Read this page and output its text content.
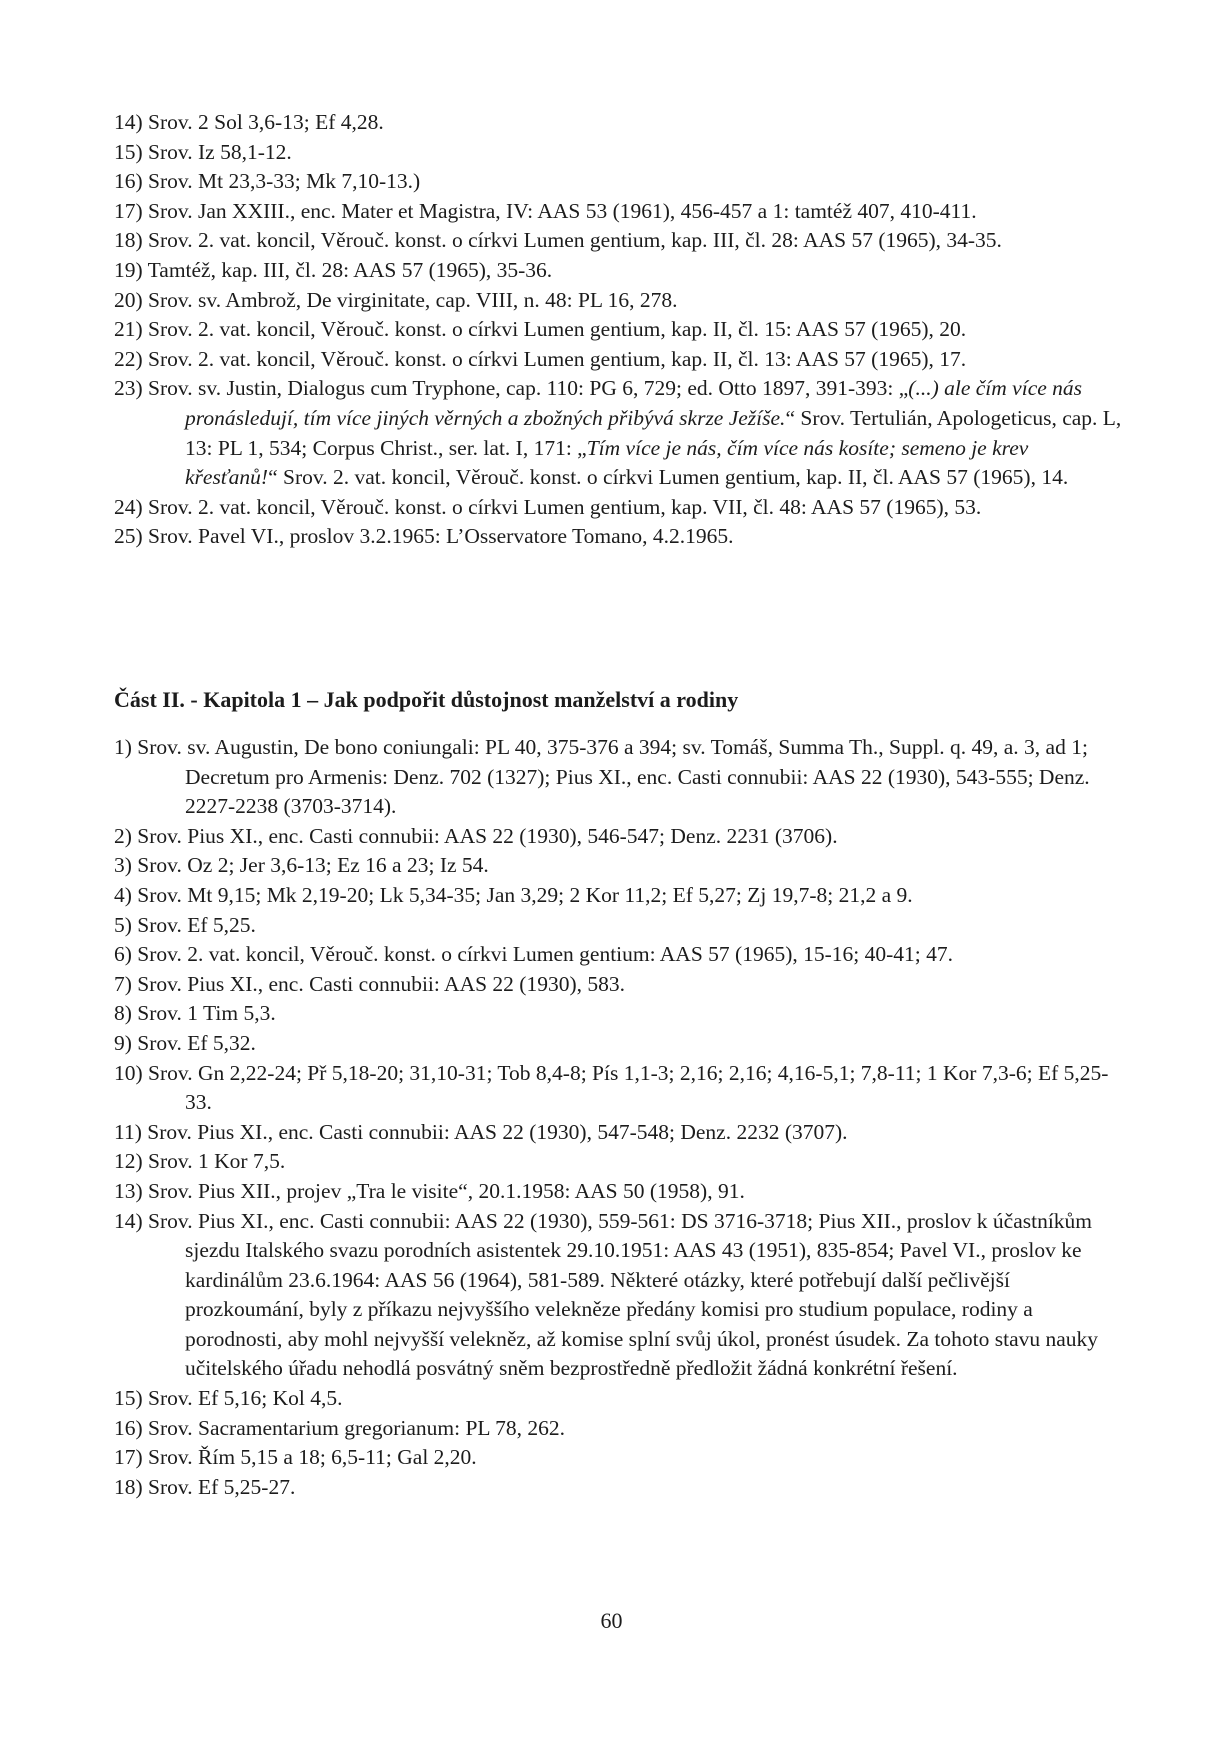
14) Srov. 2 Sol 3,6-13; Ef 4,28.
15) Srov. Iz 58,1-12.
16) Srov. Mt 23,3-33; Mk 7,10-13.)
17) Srov. Jan XXIII., enc. Mater et Magistra, IV: AAS 53 (1961), 456-457 a 1: tamtéž 407, 410-411.
18) Srov. 2. vat. koncil, Věrouč. konst. o církvi Lumen gentium, kap. III, čl. 28: AAS 57 (1965), 34-35.
19) Tamtéž, kap. III, čl. 28: AAS 57 (1965), 35-36.
20) Srov. sv. Ambrož, De virginitate, cap. VIII, n. 48: PL 16, 278.
21) Srov. 2. vat. koncil, Věrouč. konst. o církvi Lumen gentium, kap. II, čl. 15: AAS 57 (1965), 20.
22) Srov. 2. vat. koncil, Věrouč. konst. o církvi Lumen gentium, kap. II, čl. 13: AAS 57 (1965), 17.
23) Srov. sv. Justin, Dialogus cum Tryphone, cap. 110: PG 6, 729; ed. Otto 1897, 391-393: „(...) ale čím více nás pronásledují, tím více jiných věrných a zbožných přibývá skrze Ježíše.“ Srov. Tertulián, Apologeticus, cap. L, 13: PL 1, 534; Corpus Christ., ser. lat. I, 171: „Tím více je nás, čím více nás kosíte; semeno je krev křesťanů!“ Srov. 2. vat. koncil, Věrouč. konst. o církvi Lumen gentium, kap. II, čl. AAS 57 (1965), 14.
24) Srov. 2. vat. koncil, Věrouč. konst. o církvi Lumen gentium, kap. VII, čl. 48: AAS 57 (1965), 53.
25) Srov. Pavel VI., proslov 3.2.1965: L’Osservatore Tomano, 4.2.1965.
Část II. - Kapitola 1 – Jak podpořit důstojnost manželství a rodiny
1) Srov. sv. Augustin, De bono coniungali: PL 40, 375-376 a 394; sv. Tomáš, Summa Th., Suppl. q. 49, a. 3, ad 1; Decretum pro Armenis: Denz. 702 (1327); Pius XI., enc. Casti connubii: AAS 22 (1930), 543-555; Denz. 2227-2238 (3703-3714).
2) Srov. Pius XI., enc. Casti connubii: AAS 22 (1930), 546-547; Denz. 2231 (3706).
3) Srov. Oz 2; Jer 3,6-13; Ez 16 a 23; Iz 54.
4) Srov. Mt 9,15; Mk 2,19-20; Lk 5,34-35; Jan 3,29; 2 Kor 11,2; Ef 5,27; Zj 19,7-8; 21,2 a 9.
5) Srov. Ef 5,25.
6) Srov. 2. vat. koncil, Věrouč. konst. o církvi Lumen gentium: AAS 57 (1965), 15-16; 40-41; 47.
7) Srov. Pius XI., enc. Casti connubii: AAS 22 (1930), 583.
8) Srov. 1 Tim 5,3.
9) Srov. Ef 5,32.
10) Srov. Gn 2,22-24; Př 5,18-20; 31,10-31; Tob 8,4-8; Pís 1,1-3; 2,16; 2,16; 4,16-5,1; 7,8-11; 1 Kor 7,3-6; Ef 5,25-33.
11) Srov. Pius XI., enc. Casti connubii: AAS 22 (1930), 547-548; Denz. 2232 (3707).
12) Srov. 1 Kor 7,5.
13) Srov. Pius XII., projev „Tra le visite“, 20.1.1958: AAS 50 (1958), 91.
14) Srov. Pius XI., enc. Casti connubii: AAS 22 (1930), 559-561: DS 3716-3718; Pius XII., proslov k účastníkům sjezdu Italského svazu porodních asistentek 29.10.1951: AAS 43 (1951), 835-854; Pavel VI., proslov ke kardinálům 23.6.1964: AAS 56 (1964), 581-589. Některé otázky, které potřebují další pečlivější prozkoumání, byly z příkazu nejvyššího velekněze předány komisi pro studium populace, rodiny a porodnosti, aby mohl nejvyšší velekněz, až komise splní svůj úkol, pronést úsudek. Za tohoto stavu nauky učitelského úřadu nehodlá posvátný sněm bezprostředně předložit žádná konkrétní řešení.
15) Srov. Ef 5,16; Kol 4,5.
16) Srov. Sacramentarium gregorianum: PL 78, 262.
17) Srov. Řím 5,15 a 18; 6,5-11; Gal 2,20.
18) Srov. Ef 5,25-27.
60
